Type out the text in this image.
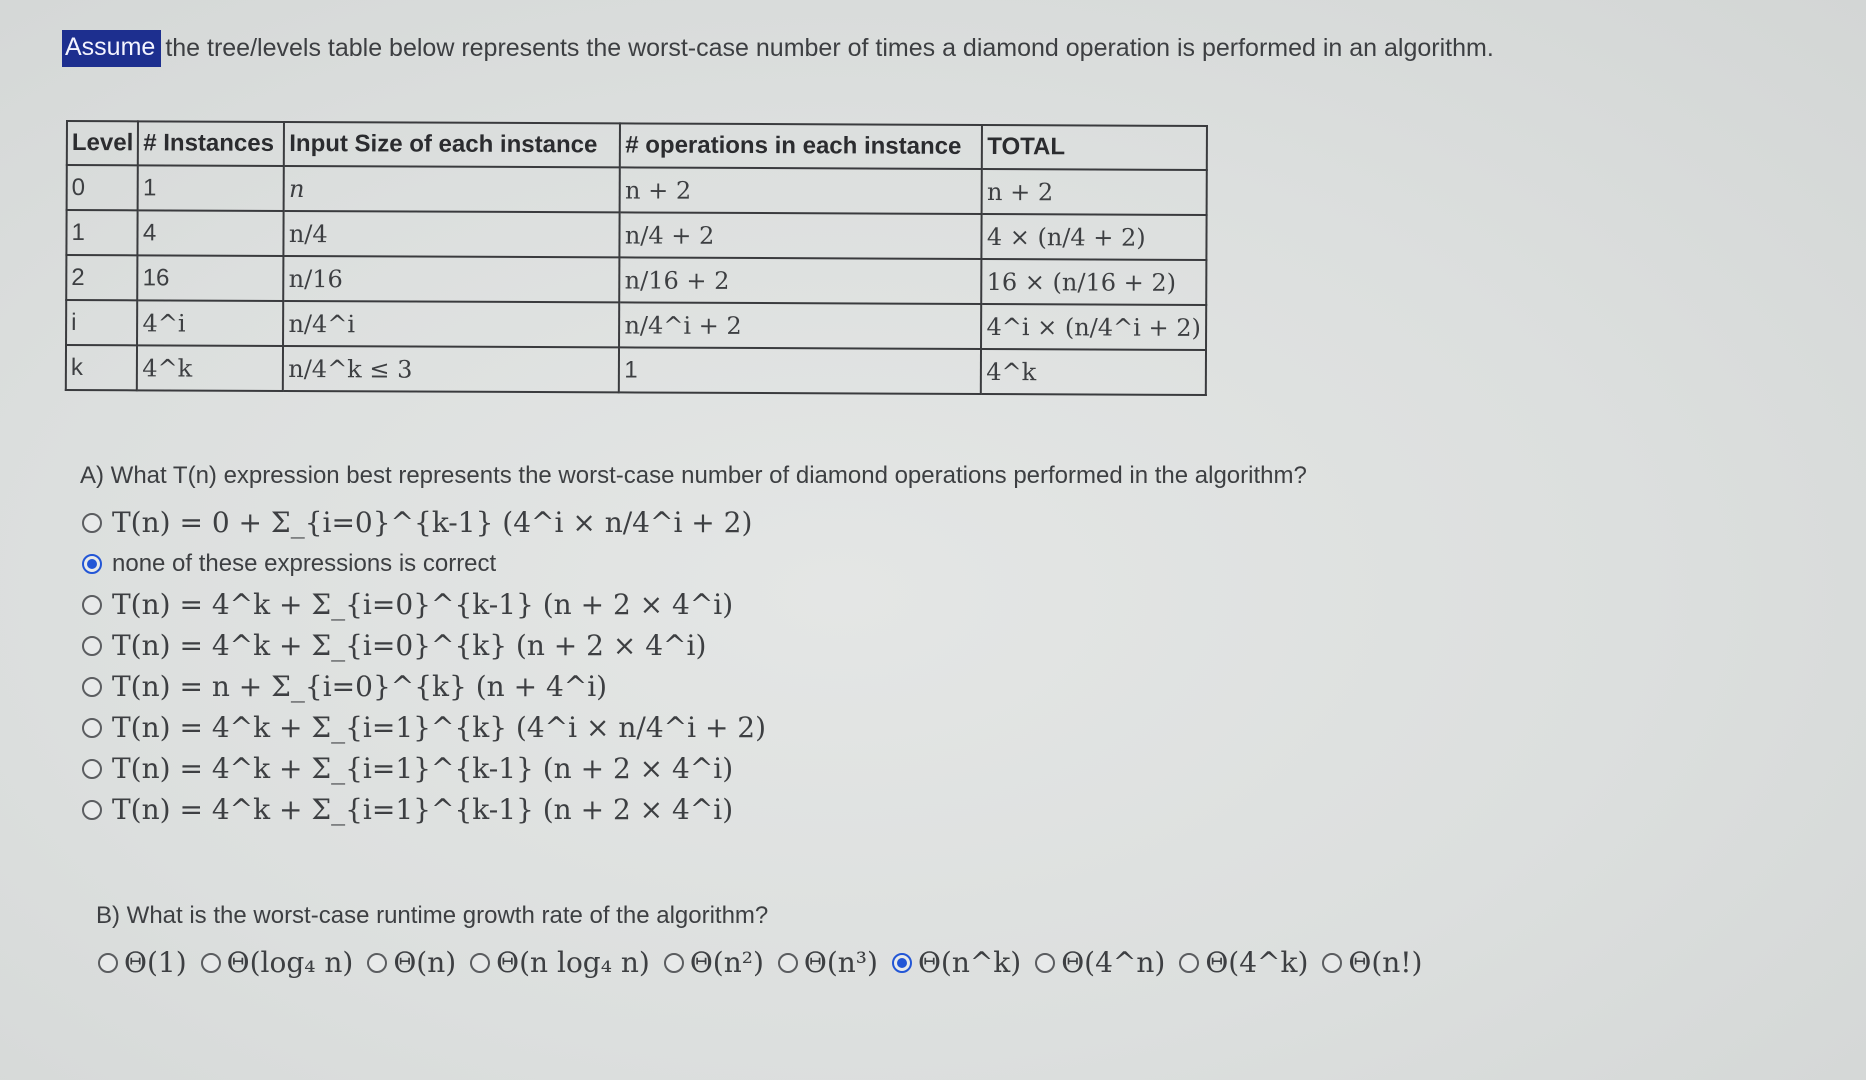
Assume the tree/levels table below represents the worst-case number of times a diamond operation is performed in an algorithm.
Level	# Instances	Input Size of each instance	# operations in each instance	TOTAL
0	1	n	n + 2	n + 2
1	4	n/4	n/4 + 2	4 × (n/4 + 2)
2	16	n/16	n/16 + 2	16 × (n/16 + 2)
i	4^i	n/4^i	n/4^i + 2	4^i × (n/4^i + 2)
k	4^k	n/4^k ≤ 3	1	4^k
A) What T(n) expression best represents the worst-case number of diamond operations performed in the algorithm?
T(n) = 0 + Σ_{i=0}^{k-1} (4^i × n/4^i + 2)
none of these expressions is correct
T(n) = 4^k + Σ_{i=0}^{k-1} (n + 2 × 4^i)
T(n) = 4^k + Σ_{i=0}^{k} (n + 2 × 4^i)
T(n) = n + Σ_{i=0}^{k} (n + 4^i)
T(n) = 4^k + Σ_{i=1}^{k} (4^i × n/4^i + 2)
T(n) = 4^k + Σ_{i=1}^{k-1} (n + 2 × 4^i)
T(n) = 4^k + Σ_{i=1}^{k-1} (n + 2 × 4^i)
B) What is the worst-case runtime growth rate of the algorithm?
Θ(1) Θ(log₄ n) Θ(n) Θ(n log₄ n) Θ(n²) Θ(n³) Θ(n^k) Θ(4^n) Θ(4^k) Θ(n!)
